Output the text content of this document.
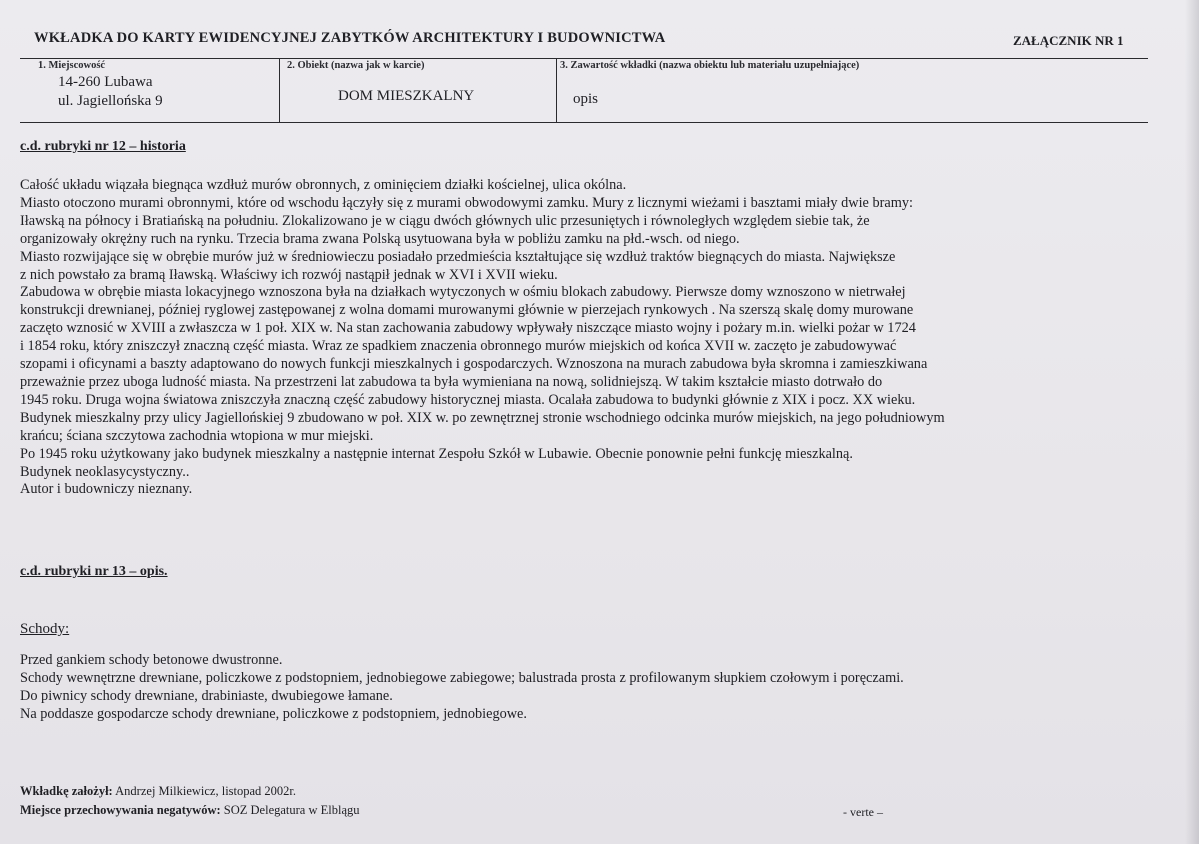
WKŁADKA DO KARTY EWIDENCYJNEJ ZABYTKÓW ARCHITEKTURY I BUDOWNICTWA	ZAŁĄCZNIK NR 1
1. Miejscowość
14-260 Lubawa
ul. Jagiellońska 9
2. Obiekt (nazwa jak w karcie)
DOM MIESZKALNY
3. Zawartość wkładki (nazwa obiektu lub materiału uzupełniające)
opis
c.d. rubryki nr 12 – historia
Całość układu wiązała biegnąca wzdłuż murów obronnych, z ominięciem działki kościelnej, ulica okólna.
Miasto otoczono murami obronnymi, które od wschodu łączyły się z murami obwodowymi zamku. Mury z licznymi wieżami i basztami miały dwie bramy:
Iławską na północy i Bratiańską na południu. Zlokalizowano je w ciągu dwóch głównych ulic przesuniętych i równoległych względem siebie tak, że
organizowały okrężny ruch na rynku. Trzecia brama zwana Polską usytuowana była w pobliżu zamku na płd.-wsch. od niego.
Miasto rozwijające się w obrębie murów już w średniowieczu posiadało przedmieścia kształtujące się wzdłuż traktów biegnących do miasta. Największe
z nich powstało za bramą Iławską. Właściwy ich rozwój nastąpił jednak w XVI i XVII wieku.
Zabudowa w obrębie miasta lokacyjnego wznoszona była na działkach wytyczonych w ośmiu blokach zabudowy. Pierwsze domy wznoszono w nietrwałej
konstrukcji drewnianej, później ryglowej zastępowanej z wolna domami murowanymi głównie w pierzejach rynkowych . Na szerszą skalę domy murowane
zaczęto wznosić w XVIII a zwłaszcza w 1 poł. XIX w. Na stan zachowania zabudowy wpływały niszczące miasto wojny i pożary m.in. wielki pożar w 1724
i 1854 roku, który zniszczył znaczną część miasta. Wraz ze spadkiem znaczenia obronnego murów miejskich od końca XVII w. zaczęto je zabudowywać
szopami i oficynami a baszty adaptowano do nowych funkcji mieszkalnych i gospodarczych. Wznoszona na murach zabudowa była skromna i zamieszkiwana
przeważnie przez uboga ludność miasta. Na przestrzeni lat zabudowa ta była wymieniana na nową, solidniejszą. W takim kształcie miasto dotrwało do
1945 roku. Druga wojna światowa zniszczyła znaczną część zabudowy historycznej miasta. Ocalała zabudowa to budynki głównie z XIX i pocz. XX wieku.
Budynek mieszkalny przy ulicy Jagiellońskiej 9 zbudowano w poł. XIX w. po zewnętrznej stronie wschodniego odcinka murów miejskich, na jego południowym
krańcu; ściana szczytowa zachodnia wtopiona w mur miejski.
Po 1945 roku użytkowany jako budynek mieszkalny a następnie internat Zespołu Szkół w Lubawie. Obecnie ponownie pełni funkcję mieszkalną.
Budynek neoklasycystyczny..
Autor i budowniczy nieznany.
c.d. rubryki nr 13 – opis.
Schody:
Przed gankiem schody betonowe dwustronne.
Schody wewnętrzne drewniane, policzkowe z podstopniem, jednobiegowe zabiegowe; balustrada prosta z profilowanym słupkiem czołowym i poręczami.
Do piwnicy schody drewniane, drabiniaste, dwubiegowe łamane.
Na poddasze gospodarcze schody drewniane, policzkowe z podstopniem, jednobiegowe.
Wkładkę założył: Andrzej Milkiewicz, listopad 2002r.
Miejsce przechowywania negatywów: SOZ Delegatura w Elblągu	- verte –
